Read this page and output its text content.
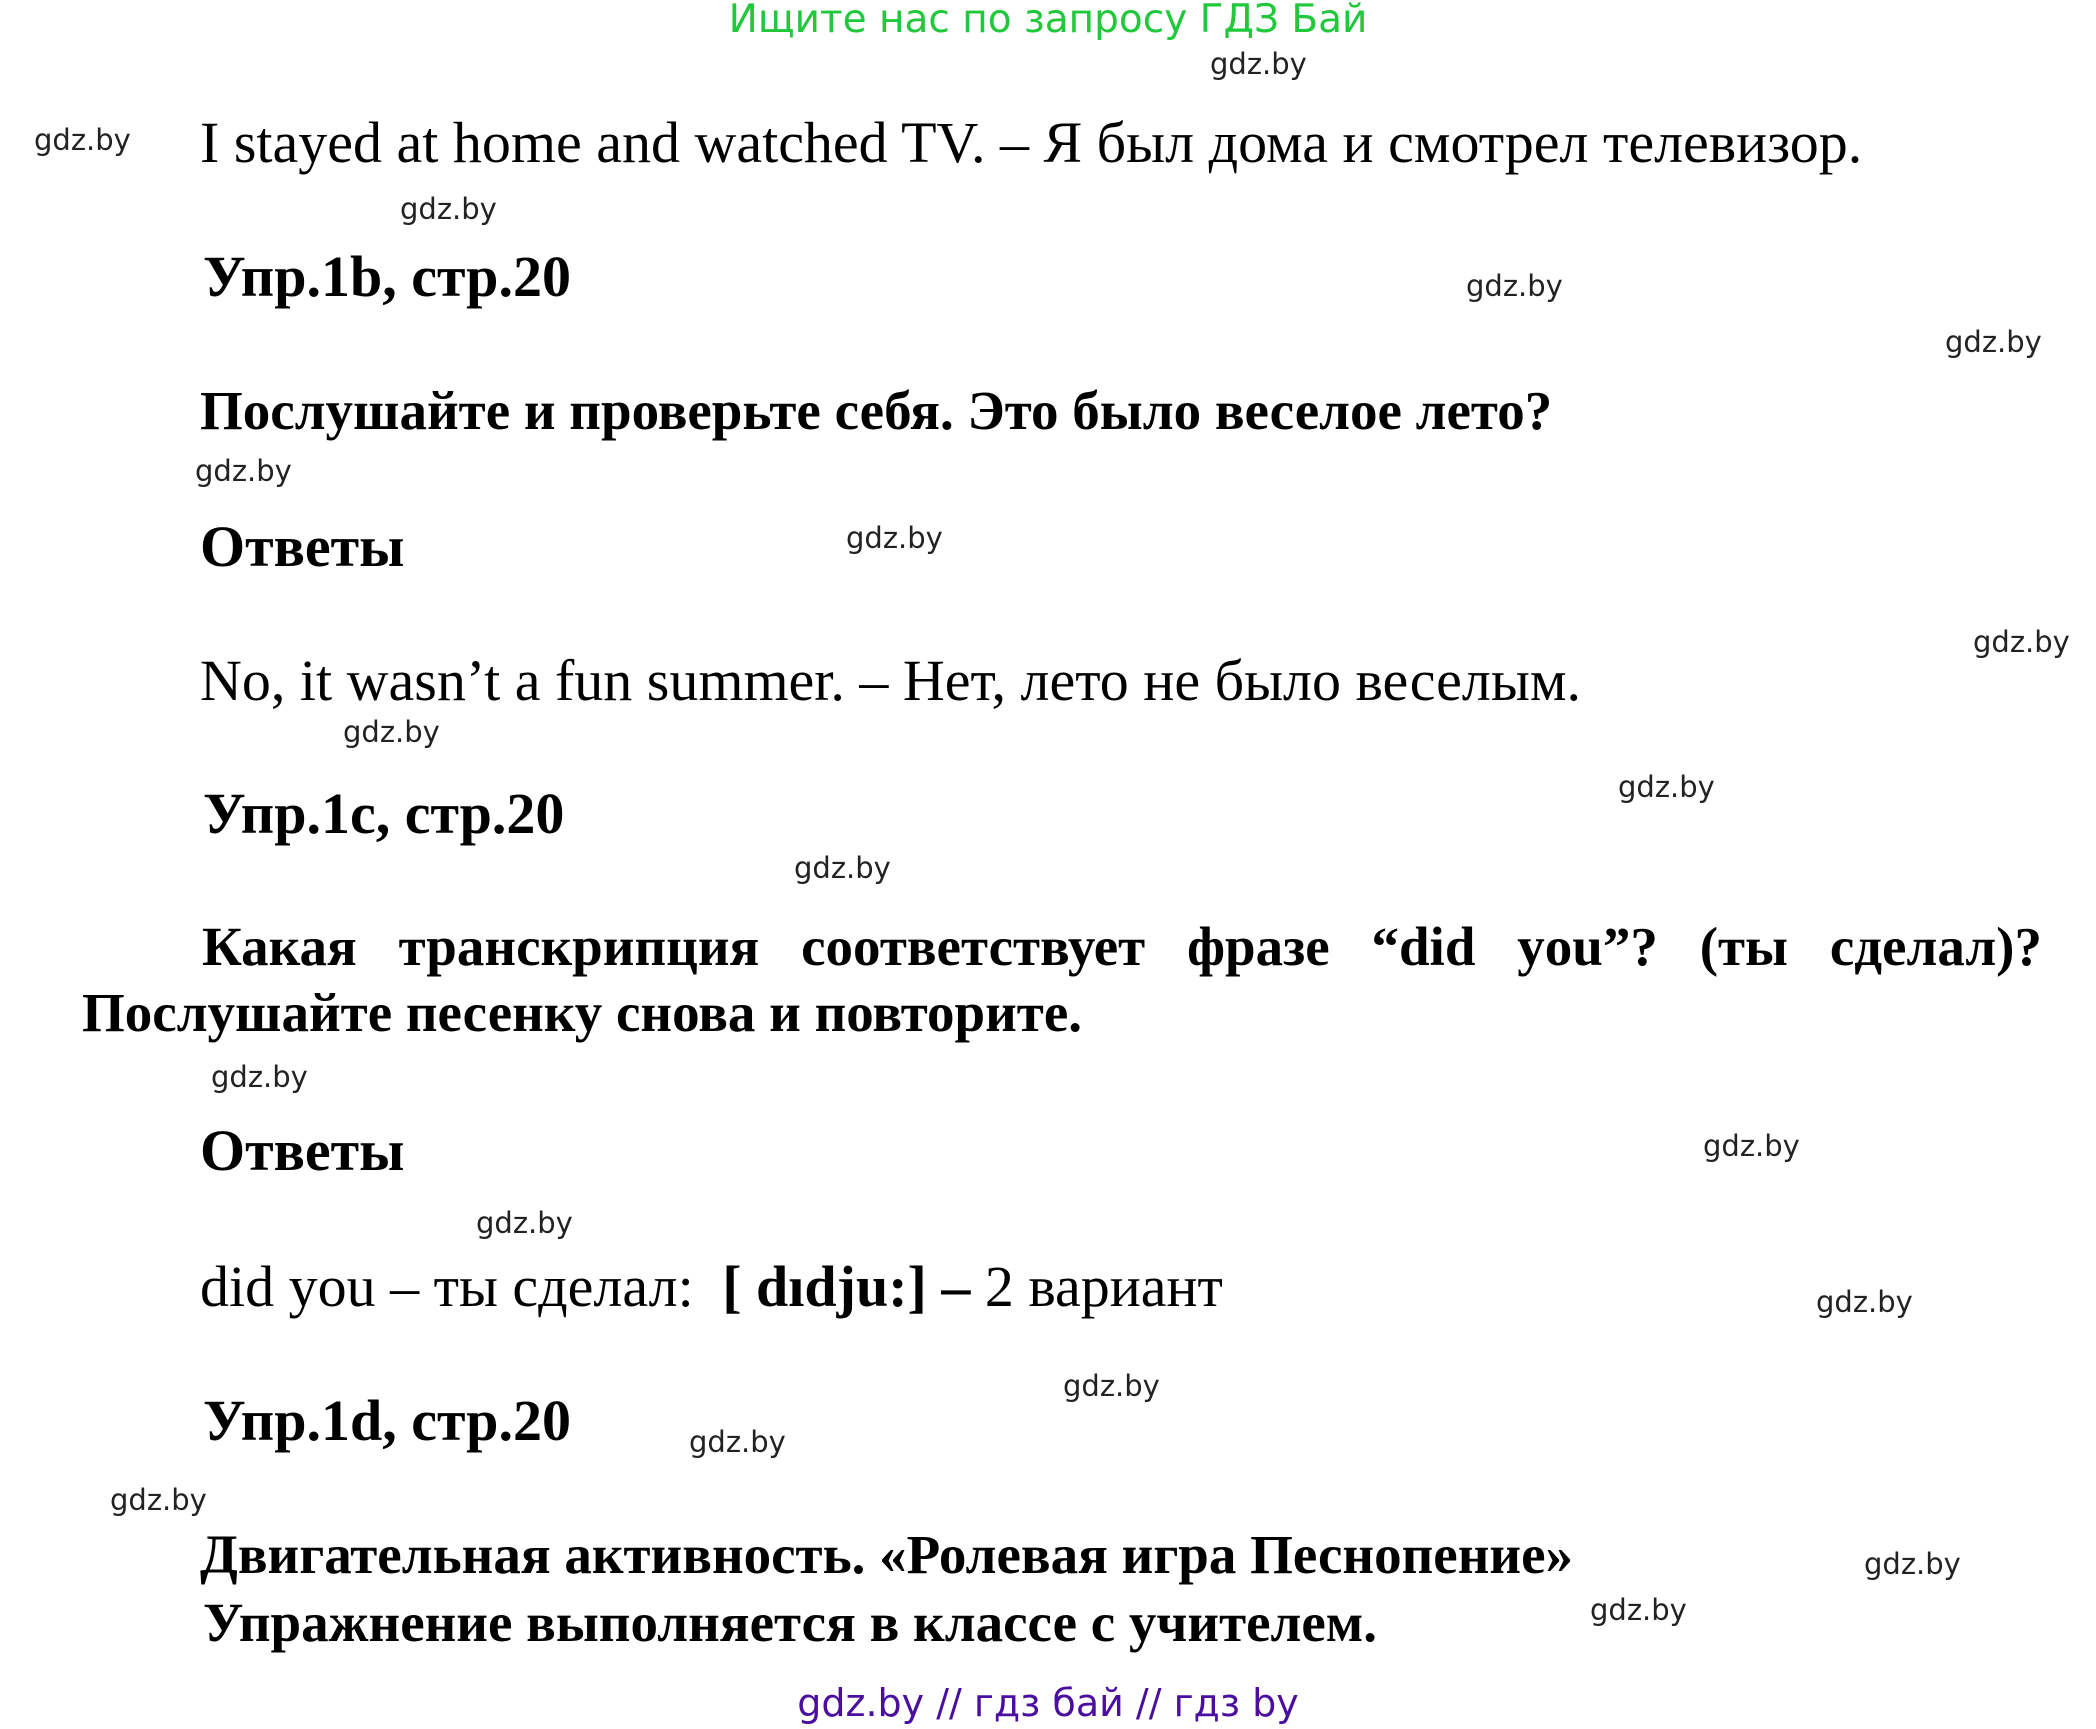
Ищите нас по запросу ГДЗ Бай
gdz.by
gdz.by
gdz.by
gdz.by
gdz.by
gdz.by
gdz.by
gdz.by
gdz.by
gdz.by
gdz.by
gdz.by
gdz.by
gdz.by
gdz.by
gdz.by
gdz.by
gdz.by
gdz.by
gdz.by
I stayed at home and watched TV. – Я был дома и смотрел телевизор.
Упр.1b, стр.20
Послушайте и проверьте себя. Это было веселое лето?
Ответы
No, it wasn’t a fun summer. – Нет, лето не было веселым.
Упр.1c, стр.20
Какая транскрипция соответствует фразе “did you”? (ты сделал)? Послушайте песенку снова и повторите.
Ответы
did you – ты сделал: [ dıdju:] – 2 вариант
Упр.1d, стр.20
Двигательная активность. «Ролевая игра Песнопение»
Упражнение выполняется в классе с учителем.
gdz.by // гдз бай // гдз by
